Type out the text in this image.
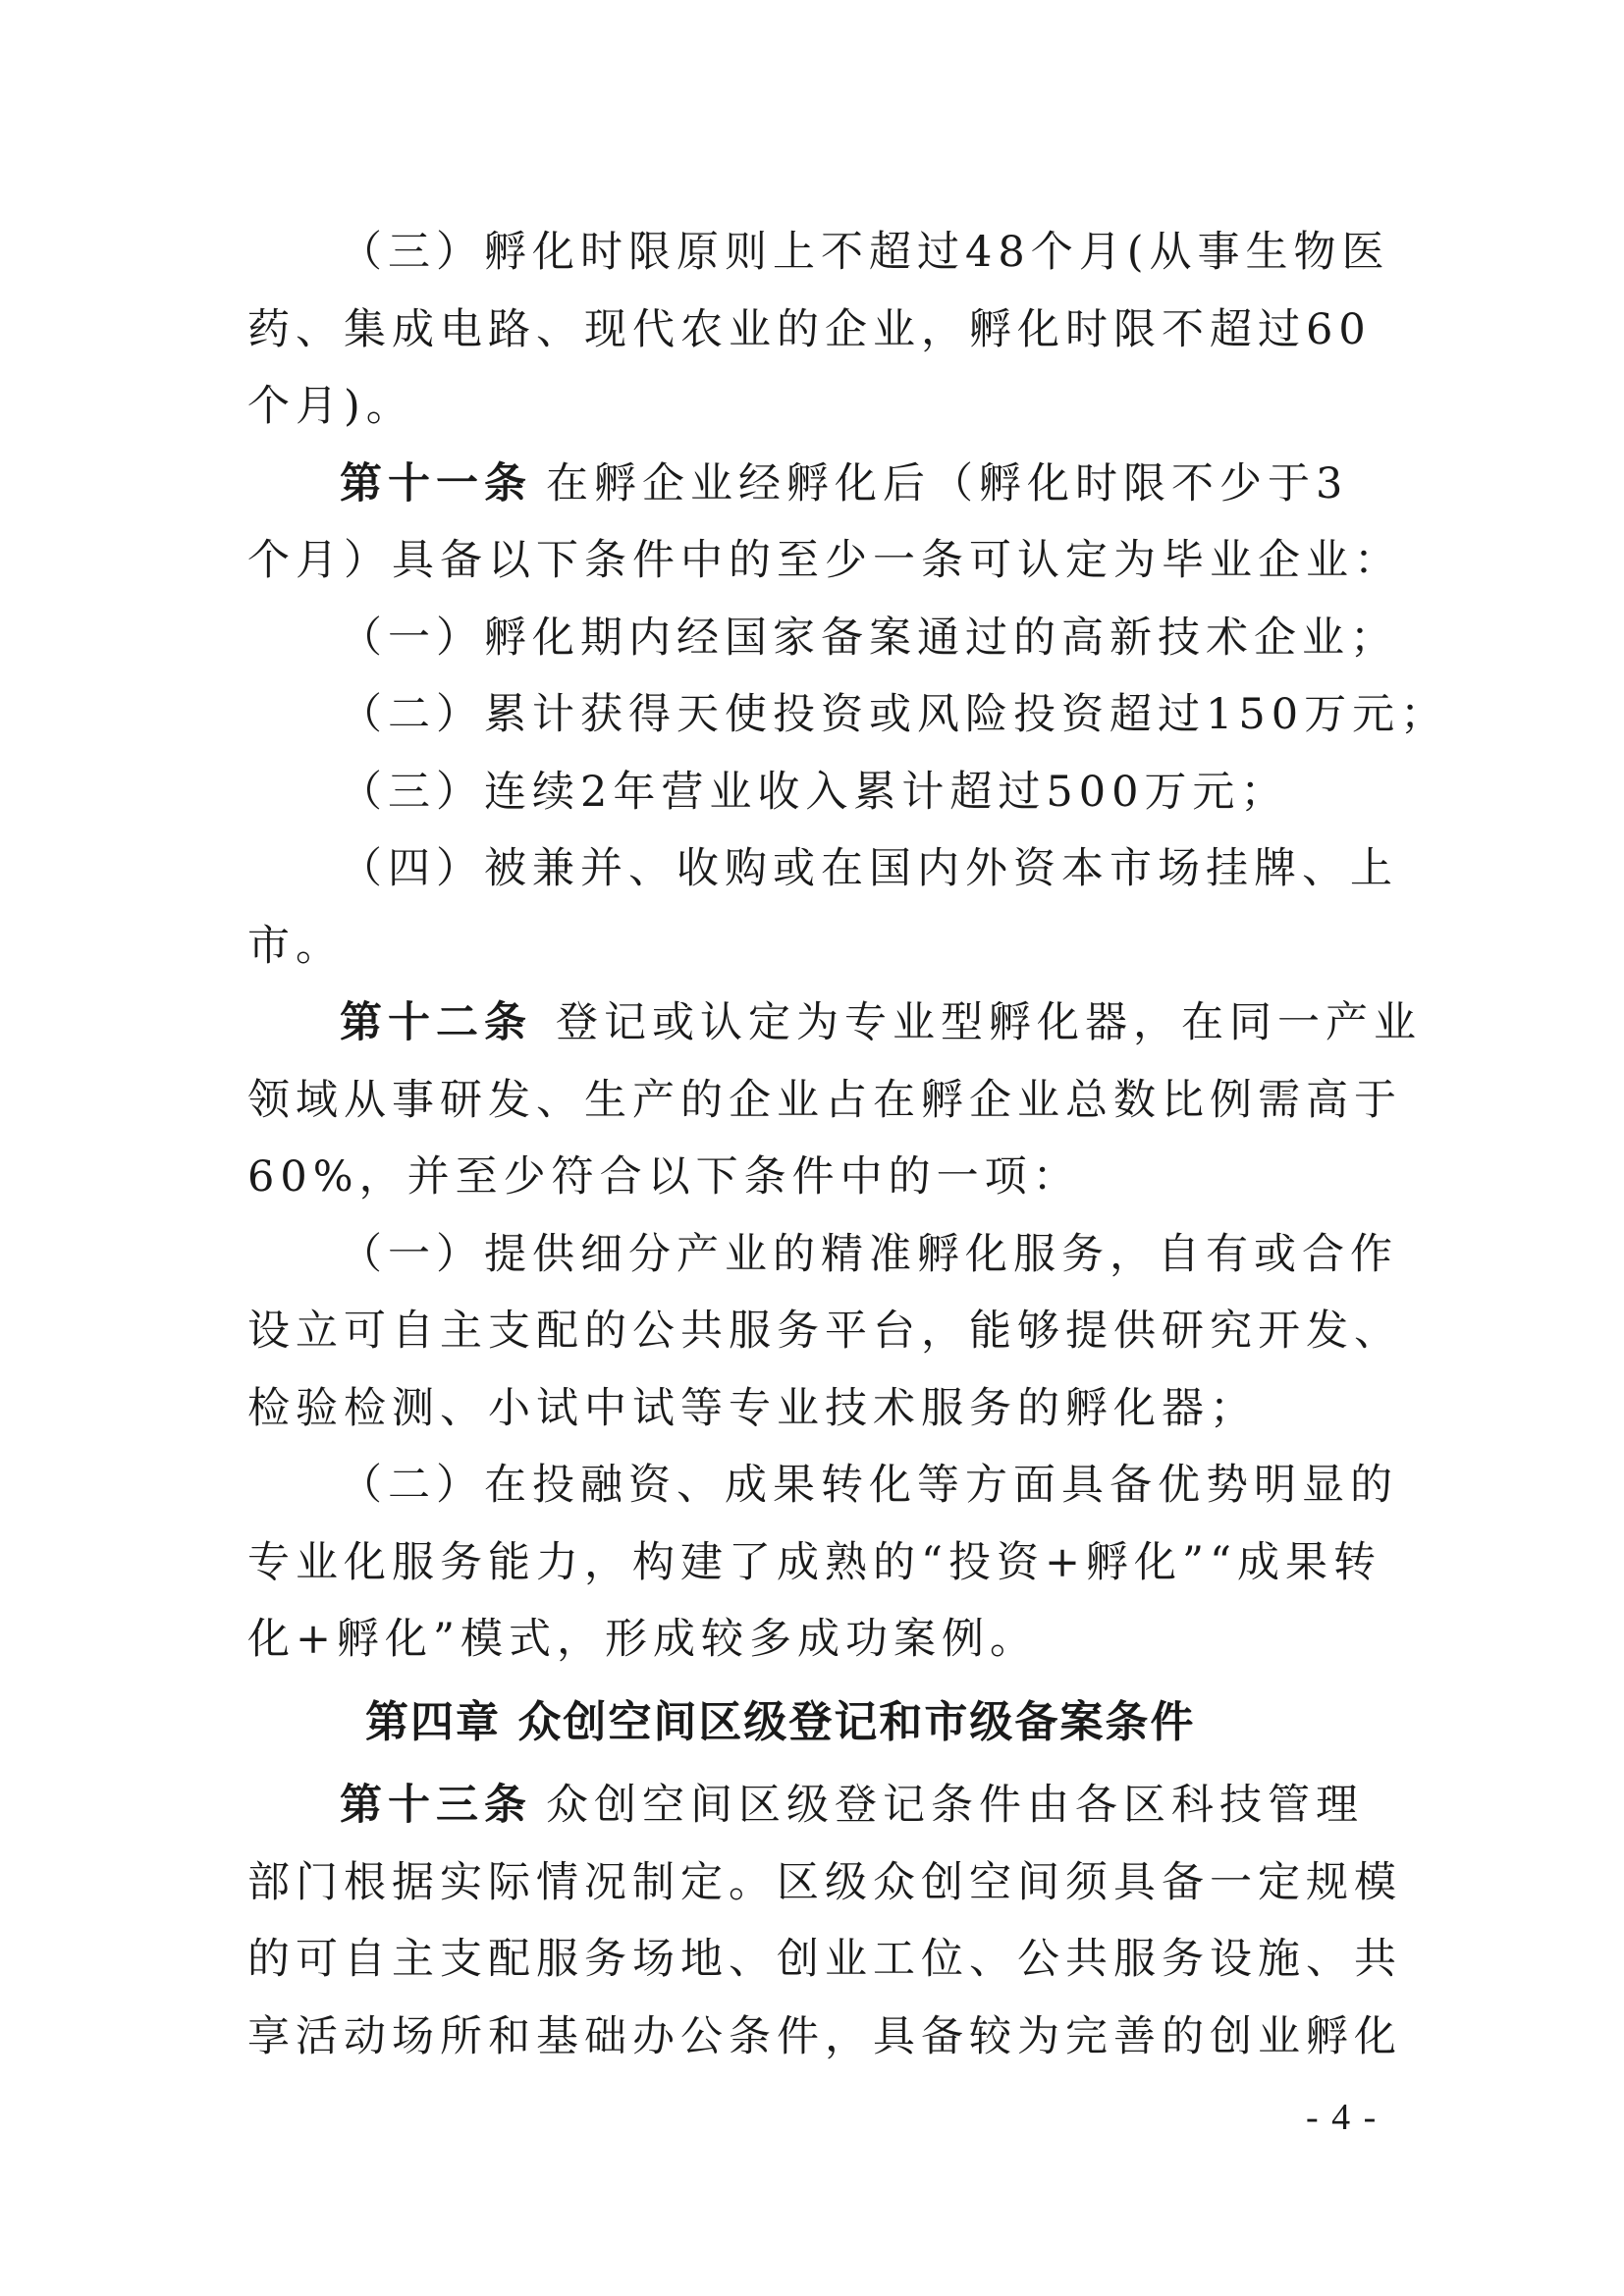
（三）孵化时限原则上不超过48个月(从事生物医
药、集成电路、现代农业的企业，孵化时限不超过60
个月)。
第十一条 在孵企业经孵化后（孵化时限不少于3
个月）具备以下条件中的至少一条可认定为毕业企业：
（一）孵化期内经国家备案通过的高新技术企业；
（二）累计获得天使投资或风险投资超过150万元；
（三）连续2年营业收入累计超过500万元；
（四）被兼并、收购或在国内外资本市场挂牌、上
市。
第十二条 登记或认定为专业型孵化器，在同一产业
领域从事研发、生产的企业占在孵企业总数比例需高于
60%，并至少符合以下条件中的一项：
（一）提供细分产业的精准孵化服务，自有或合作
设立可自主支配的公共服务平台，能够提供研究开发、
检验检测、小试中试等专业技术服务的孵化器；
（二）在投融资、成果转化等方面具备优势明显的
专业化服务能力，构建了成熟的“投资+孵化”“成果转
化+孵化”模式，形成较多成功案例。
第四章 众创空间区级登记和市级备案条件
第十三条 众创空间区级登记条件由各区科技管理
部门根据实际情况制定。区级众创空间须具备一定规模
的可自主支配服务场地、创业工位、公共服务设施、共
享活动场所和基础办公条件，具备较为完善的创业孵化
- 4 -
